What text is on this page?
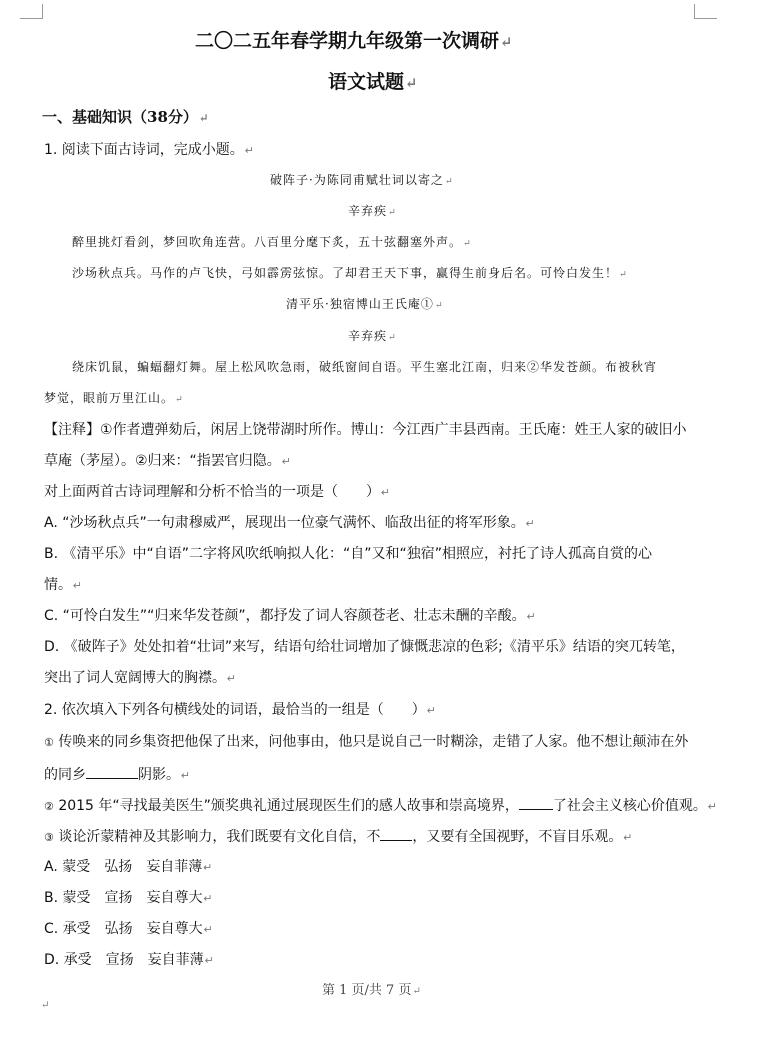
二〇二五年春学期九年级第一次调研↵
语文试题↵
一、基础知识（38分）↵
1. 阅读下面古诗词，完成小题。↵
破阵子·为陈同甫赋壮词以寄之↵
辛弃疾↵
醉里挑灯看剑，梦回吹角连营。八百里分麾下炙，五十弦翻塞外声。↵
沙场秋点兵。马作的卢飞快，弓如霹雳弦惊。了却君王天下事，赢得生前身后名。可怜白发生！↵
清平乐·独宿博山王氏庵①↵
辛弃疾↵
绕床饥鼠，蝙蝠翻灯舞。屋上松风吹急雨，破纸窗间自语。平生塞北江南，归来②华发苍颜。布被秋宵
梦觉，眼前万里江山。↵
【注释】①作者遭弹劾后，闲居上饶带湖时所作。博山：今江西广丰县西南。王氏庵：姓王人家的破旧小
草庵（茅屋）。②归来：“指罢官归隐。↵
对上面两首古诗词理解和分析不恰当的一项是（　　）↵
A. “沙场秋点兵”一句肃穆威严，展现出一位豪气满怀、临敌出征的将军形象。↵
B. 《清平乐》中“自语”二字将风吹纸响拟人化：“自”又和“独宿”相照应，衬托了诗人孤高自赏的心
情。↵
C. “可怜白发生”“归来华发苍颜”，都抒发了词人容颜苍老、壮志未酬的辛酸。↵
D. 《破阵子》处处扣着“壮词”来写，结语句给壮词增加了慷慨悲凉的色彩;《清平乐》结语的突兀转笔，
突出了词人宽阔博大的胸襟。↵
2. 依次填入下列各句横线处的词语，最恰当的一组是（　　）↵
① 传唤来的同乡集资把他保了出来，问他事由，他只是说自己一时糊涂，走错了人家。他不想让颠沛在外
的同乡	阴影。↵
② 2015 年“寻找最美医生”颁奖典礼通过展现医生们的感人故事和崇高境界， 了社会主义核心价值观。↵
③ 谈论沂蒙精神及其影响力，我们既要有文化自信，不 ，又要有全国视野，不盲目乐观。↵
A. 蒙受　弘扬　妄自菲薄↵
B. 蒙受　宣扬　妄自尊大↵
C. 承受　弘扬　妄自尊大↵
D. 承受　宣扬　妄自菲薄↵
第 1 页/共 7 页↵
↵
